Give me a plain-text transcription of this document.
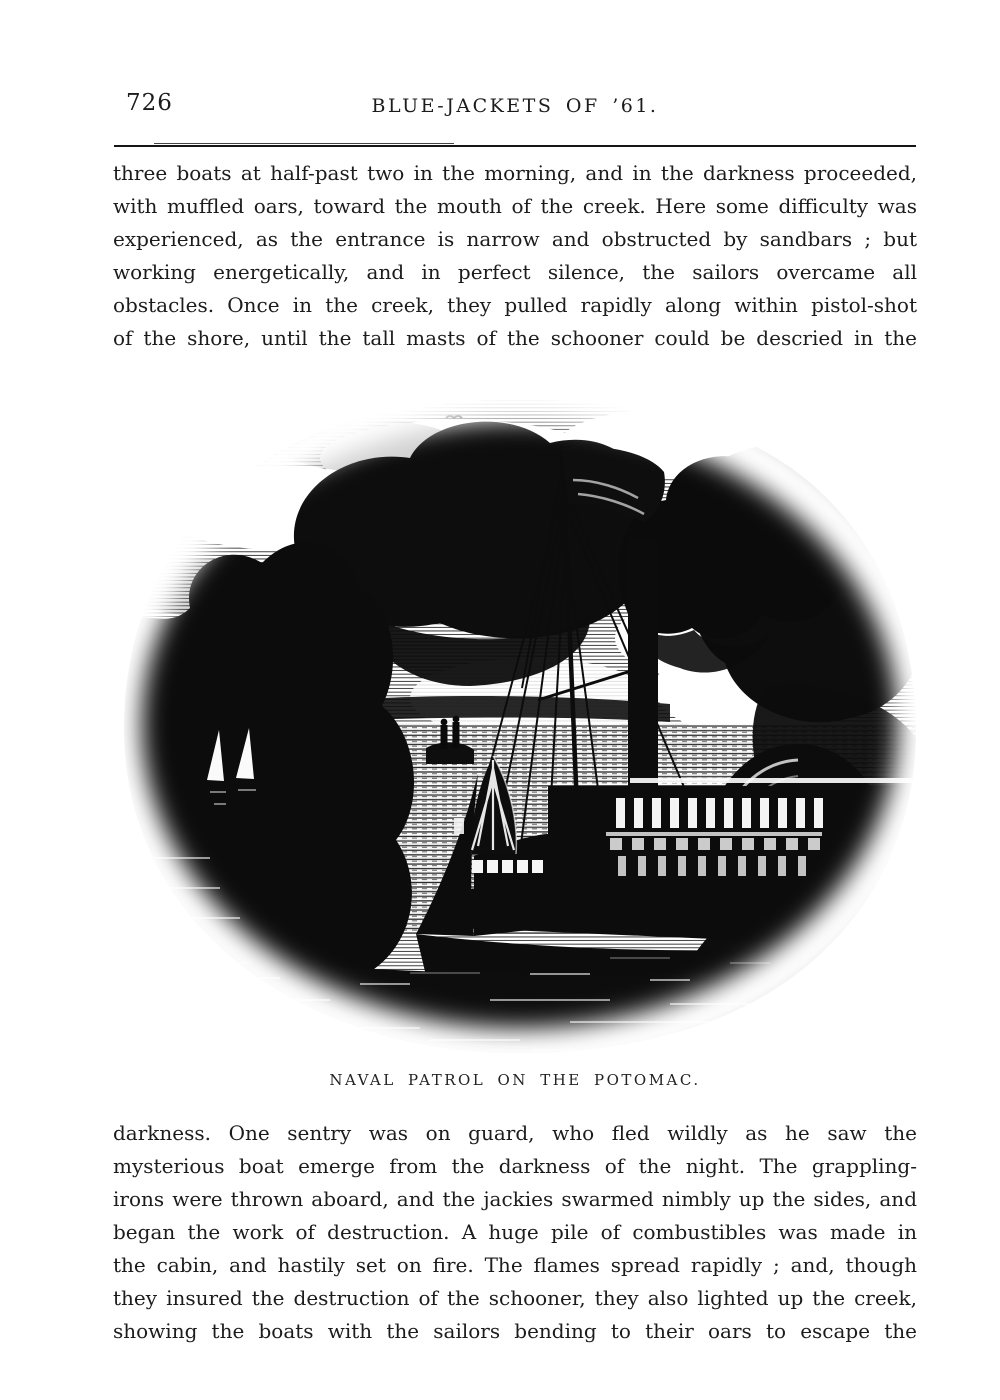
726	BLUE-JACKETS OF ’61.
three boats at half-past two in the morning, and in the darkness proceeded,
with muffled oars, toward the mouth of the creek. Here some difficulty was
experienced, as the entrance is narrow and obstructed by sandbars ; but
working energetically, and in perfect silence, the sailors overcame all
obstacles. Once in the creek, they pulled rapidly along within pistol-shot
of the shore, until the tall masts of the schooner could be descried in the
NAVAL PATROL ON THE POTOMAC.
darkness. One sentry was on guard, who fled wildly as he saw the
mysterious boat emerge from the darkness of the night. The grappling-
irons were thrown aboard, and the jackies swarmed nimbly up the sides, and
began the work of destruction. A huge pile of combustibles was made in
the cabin, and hastily set on fire. The flames spread rapidly ; and, though
they insured the destruction of the schooner, they also lighted up the creek,
showing the boats with the sailors bending to their oars to escape the
